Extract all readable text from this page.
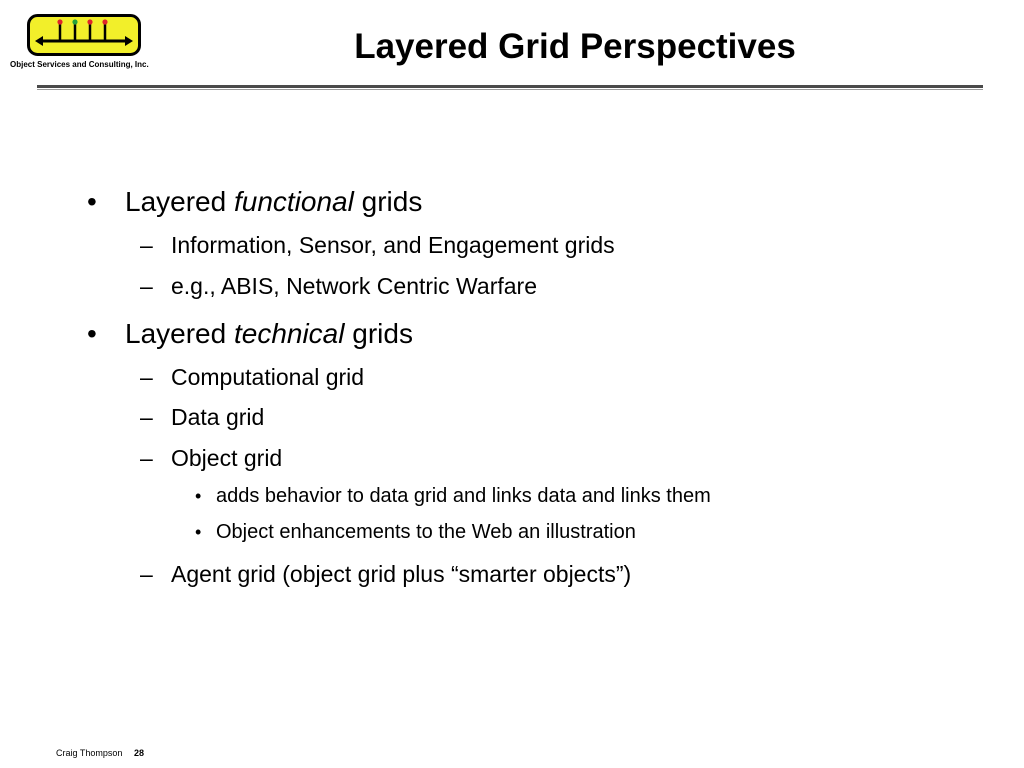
Object Services and Consulting, Inc.	Layered Grid Perspectives
• Layered functional grids
– Information, Sensor, and Engagement grids
– e.g., ABIS, Network Centric Warfare
• Layered technical grids
– Computational grid
– Data grid
– Object grid
• adds behavior to data grid and links data and links them
• Object enhancements to the Web an illustration
– Agent grid (object grid plus “smarter objects”)
Craig Thompson 28
